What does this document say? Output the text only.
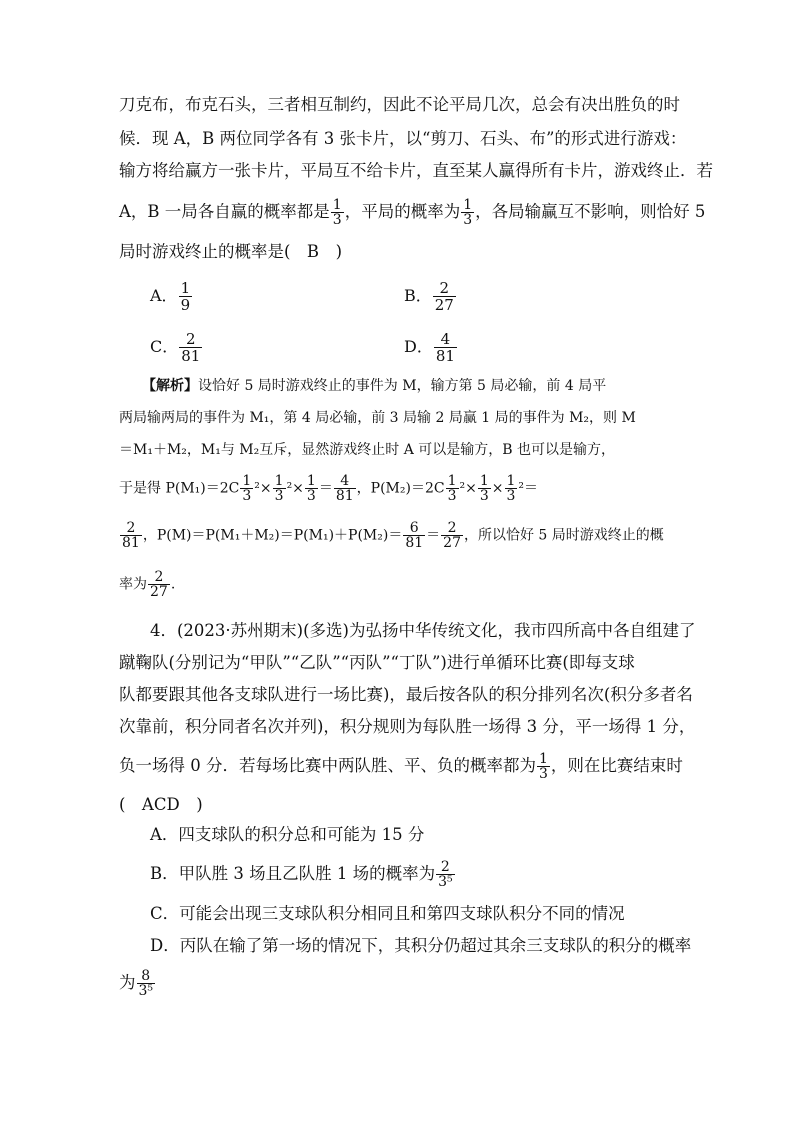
刀克布，布克石头，三者相互制约，因此不论平局几次，总会有决出胜负的时
候．现 A，B 两位同学各有 3 张卡片，以“剪刀、石头、布”的形式进行游戏：
输方将给赢方一张卡片，平局互不给卡片，直至某人赢得所有卡片，游戏终止．若
A，B 一局各自赢的概率都是 $\frac{1}{3}$ ，平局的概率为 $\frac{1}{3}$ ，各局输赢互不影响，则恰好 5
局时游戏终止的概率是(　B　)
A． $\frac{1}{9}$	B． $\frac{2}{27}$
C． $\frac{2}{81}$	D． $\frac{4}{81}$
【解析】设恰好 5 局时游戏终止的事件为 M，输方第 5 局必输，前 4 局平
两局输两局的事件为 M₁，第 4 局必输，前 3 局输 2 局赢 1 局的事件为 M₂，则 M
＝M₁＋M₂，M₁与 M₂互斥，显然游戏终止时 A 可以是输方，B 也可以是输方，
于是得 $P(M_1)=2C \frac{1}{3} ^2\times \frac{1}{3} ^2\times \frac{1}{3} = \frac{4}{81}$ ，$P(M_2)=2C \frac{1}{3} ^2\times \frac{1}{3} \times \frac{1}{3} ^2=$
$\frac{2}{81}$ ，$P(M)=P(M_1+M_2)=P(M_1)+P(M_2)= \frac{6}{81} = \frac{2}{27}$ ，所以恰好 5 局时游戏终止的概
率为 $\frac{2}{27}$ .
4．(2023·苏州期末)(多选)为弘扬中华传统文化，我市四所高中各自组建了
蹴鞠队(分别记为“甲队”“乙队”“丙队”“丁队”)进行单循环比赛(即每支球
队都要跟其他各支球队进行一场比赛)，最后按各队的积分排列名次(积分多者名
次靠前，积分同者名次并列)，积分规则为每队胜一场得 3 分，平一场得 1 分，
负一场得 0 分．若每场比赛中两队胜、平、负的概率都为 $\frac{1}{3}$ ，则在比赛结束时
(　ACD　)
A．四支球队的积分总和可能为 15 分
B．甲队胜 3 场且乙队胜 1 场的概率为 $\frac{2}{\text{3⁵}}$
C．可能会出现三支球队积分相同且和第四支球队积分不同的情况
D．丙队在输了第一场的情况下，其积分仍超过其余三支球队的积分的概率
为 $\frac{8}{\text{3⁵}}$
